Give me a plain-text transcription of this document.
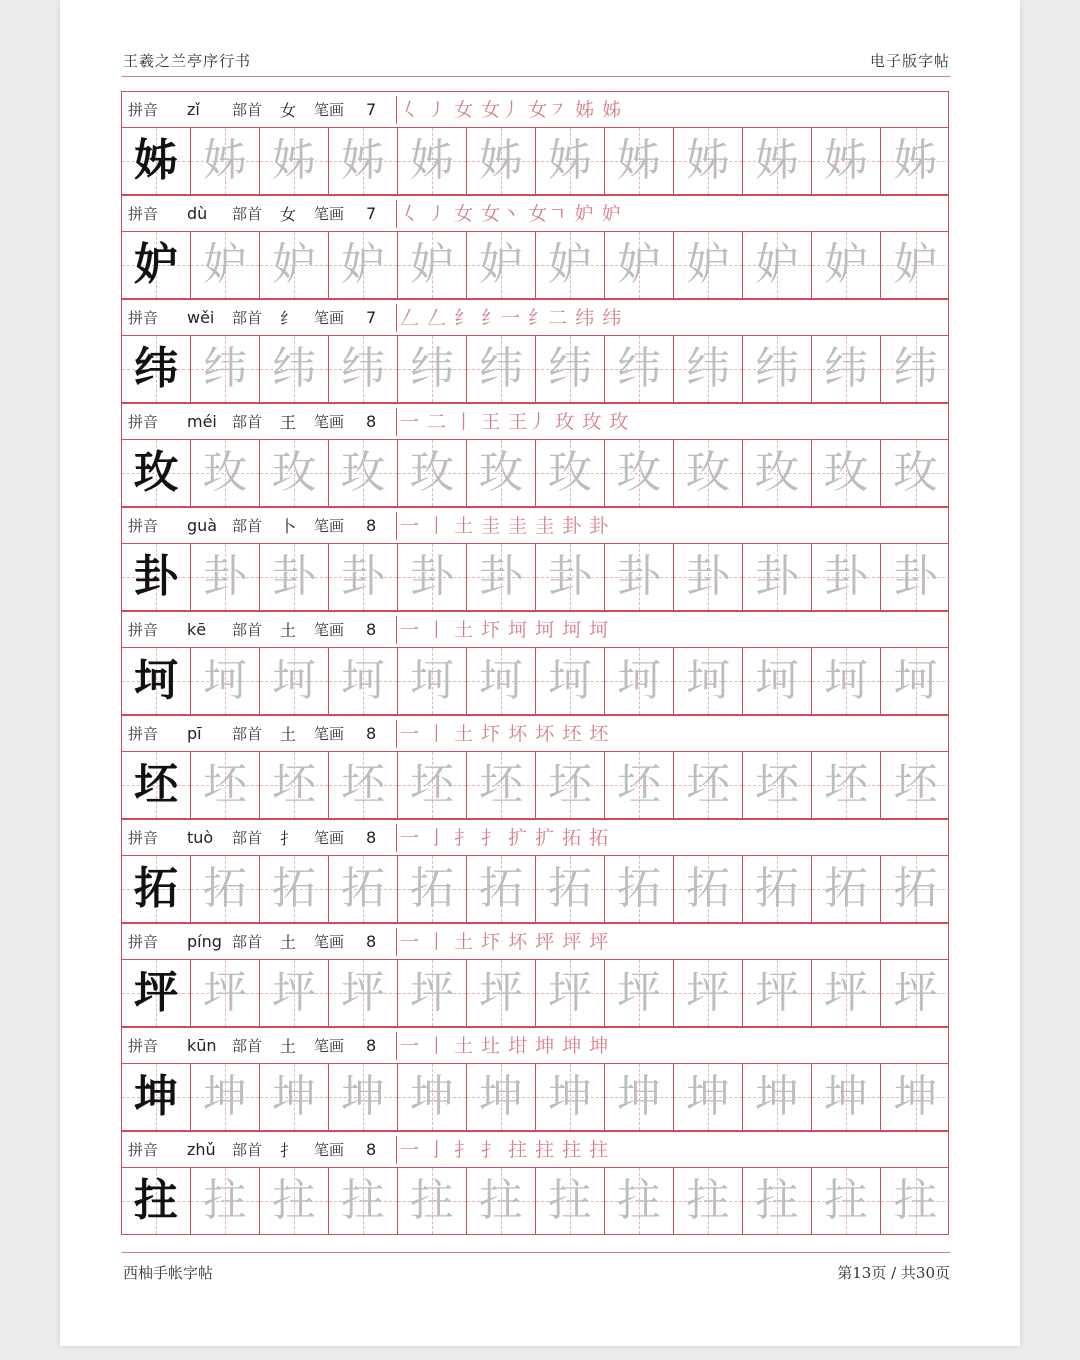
王羲之兰亭序行书	电子版字帖
拼音 zǐ 部首 女 笔画 7 𡿨 ㇓ 女 女丿 女㇇ 姊 姊
姊 姊 姊 姊 姊 姊 姊 姊 姊 姊 姊 姊
拼音 dù 部首 女 笔画 7 𡿨 ㇓ 女 女丶 女ㄱ 妒 妒
妒 妒 妒 妒 妒 妒 妒 妒 妒 妒 妒 妒
拼音 wěi 部首 纟 笔画 7 𠃋 𠃋 纟 纟一 纟二 纬 纬
纬 纬 纬 纬 纬 纬 纬 纬 纬 纬 纬 纬
拼音 méi 部首 王 笔画 8 一 二 丨 王 王丿 玫 玫 玫
玫 玫 玫 玫 玫 玫 玫 玫 玫 玫 玫 玫
拼音 guà 部首 卜 笔画 8 一 丨 土 圭 圭 圭 卦 卦
卦 卦 卦 卦 卦 卦 卦 卦 卦 卦 卦 卦
拼音 kē 部首 土 笔画 8 一 丨 土 圷 坷 坷 坷 坷
坷 坷 坷 坷 坷 坷 坷 坷 坷 坷 坷 坷
拼音 pī 部首 土 笔画 8 一 丨 土 圷 坏 坏 坯 坯
坯 坯 坯 坯 坯 坯 坯 坯 坯 坯 坯 坯
拼音 tuò 部首 扌 笔画 8 一 亅 扌 扌 扩 扩 拓 拓
拓 拓 拓 拓 拓 拓 拓 拓 拓 拓 拓 拓
拼音 píng 部首 土 笔画 8 一 丨 土 圷 坏 坪 坪 坪
坪 坪 坪 坪 坪 坪 坪 坪 坪 坪 坪 坪
拼音 kūn 部首 土 笔画 8 一 丨 土 圵 坩 坤 坤 坤
坤 坤 坤 坤 坤 坤 坤 坤 坤 坤 坤 坤
拼音 zhǔ 部首 扌 笔画 8 一 亅 扌 扌 拄 拄 拄 拄
拄 拄 拄 拄 拄 拄 拄 拄 拄 拄 拄 拄
西柚手帐字帖	第13页 / 共30页
